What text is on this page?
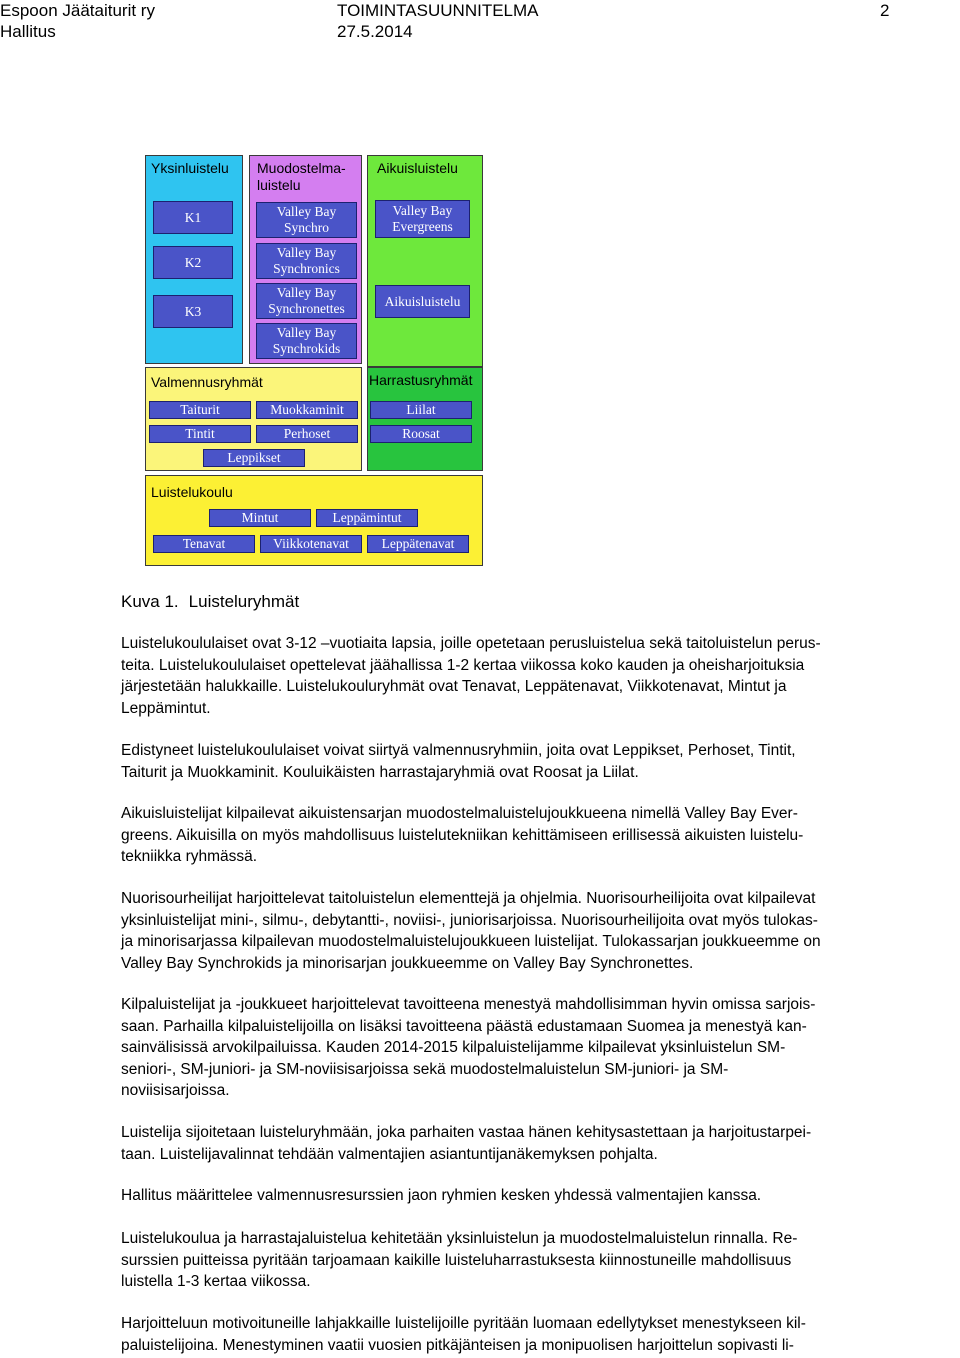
Espoon Jäätaiturit ry	TOIMINTASUUNNITELMA	2
Hallitus	27.5.2014
Yksinluistelu
K1
K2
K3
Muodostelma-
luistelu
Valley Bay
Synchro
Valley Bay
Synchronics
Valley Bay
Synchronettes
Valley Bay
Synchrokids
Aikuisluistelu
Valley Bay
Evergreens
Aikuisluistelu
Valmennusryhmät
Taiturit	Muokkaminit
Tintit	Perhoset
Leppikset
Harrastusryhmät
Liilat
Roosat
Luistelukoulu
Mintut	Leppämintut
Tenavat	Viikkotenavat	Leppätenavat
Kuva 1. Luisteluryhmät
Luistelukoululaiset ovat 3-12 –vuotiaita lapsia, joille opetetaan perusluistelua sekä taitoluistelun perus-
teita. Luistelukoululaiset opettelevat jäähallissa 1-2 kertaa viikossa koko kauden ja oheisharjoituksia
järjestetään halukkaille. Luistelukouluryhmät ovat Tenavat, Leppätenavat, Viikkotenavat, Mintut ja
Leppämintut.
Edistyneet luistelukoululaiset voivat siirtyä valmennusryhmiin, joita ovat Leppikset, Perhoset, Tintit,
Taiturit ja Muokkaminit. Kouluikäisten harrastajaryhmiä ovat Roosat ja Liilat.
Aikuisluistelijat kilpailevat aikuistensarjan muodostelmaluistelujoukkueena nimellä Valley Bay Ever-
greens. Aikuisilla on myös mahdollisuus luistelutekniikan kehittämiseen erillisessä aikuisten luistelu-
tekniikka ryhmässä.
Nuorisourheilijat harjoittelevat taitoluistelun elementtejä ja ohjelmia. Nuorisourheilijoita ovat kilpailevat
yksinluistelijat mini-, silmu-, debytantti-, noviisi-, juniorisarjoissa. Nuorisourheilijoita ovat myös tulokas-
ja minorisarjassa kilpailevan muodostelmaluistelujoukkueen luistelijat. Tulokassarjan joukkueemme on
Valley Bay Synchrokids ja minorisarjan joukkueemme on Valley Bay Synchronettes.
Kilpaluistelijat ja -joukkueet harjoittelevat tavoitteena menestyä mahdollisimman hyvin omissa sarjois-
saan. Parhailla kilpaluistelijoilla on lisäksi tavoitteena päästä edustamaan Suomea ja menestyä kan-
sainvälisissä arvokilpailuissa. Kauden 2014-2015 kilpaluistelijamme kilpailevat yksinluistelun SM-
seniori-, SM-juniori- ja SM-noviisisarjoissa sekä muodostelmaluistelun SM-juniori- ja SM-
noviisisarjoissa.
Luistelija sijoitetaan luisteluryhmään, joka parhaiten vastaa hänen kehitysastettaan ja harjoitustarpei-
taan. Luistelijavalinnat tehdään valmentajien asiantuntijanäkemyksen pohjalta.
Hallitus määrittelee valmennusresurssien jaon ryhmien kesken yhdessä valmentajien kanssa.
Luistelukoulua ja harrastajaluistelua kehitetään yksinluistelun ja muodostelmaluistelun rinnalla. Re-
surssien puitteissa pyritään tarjoamaan kaikille luisteluharrastuksesta kiinnostuneille mahdollisuus
luistella 1-3 kertaa viikossa.
Harjoitteluun motivoituneille lahjakkaille luistelijoille pyritään luomaan edellytykset menestykseen kil-
paluistelijoina. Menestyminen vaatii vuosien pitkäjänteisen ja monipuolisen harjoittelun sopivasti li-
